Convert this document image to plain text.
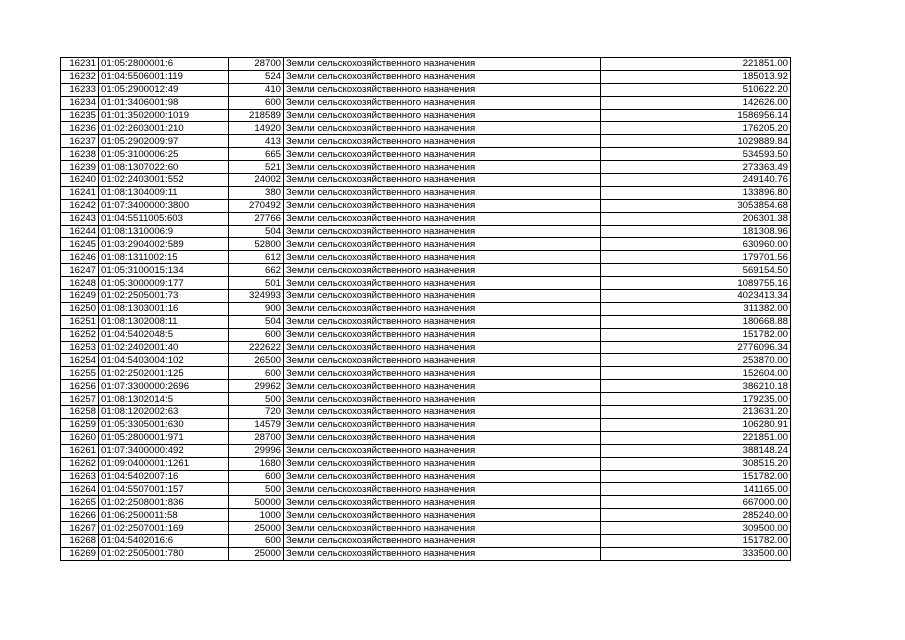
16231	01:05:2800001:6	28700	Земли сельскохозяйственного назначения	221851.00
16232	01:04:5506001:119	524	Земли сельскохозяйственного назначения	185013.92
16233	01:05:2900012:49	410	Земли сельскохозяйственного назначения	510622.20
16234	01:01:3406001:98	600	Земли сельскохозяйственного назначения	142626.00
16235	01:01:3502000:1019	218589	Земли сельскохозяйственного назначения	1586956.14
16236	01:02:2603001:210	14920	Земли сельскохозяйственного назначения	176205.20
16237	01:05:2902009:97	413	Земли сельскохозяйственного назначения	1029889.84
16238	01:05:3100006:25	665	Земли сельскохозяйственного назначения	534593.50
16239	01:08:1307022:60	521	Земли сельскохозяйственного назначения	273363.49
16240	01:02:2403001:552	24002	Земли сельскохозяйственного назначения	249140.76
16241	01:08:1304009:11	380	Земли сельскохозяйственного назначения	133896.80
16242	01:07:3400000:3800	270492	Земли сельскохозяйственного назначения	3053854.68
16243	01:04:5511005:603	27766	Земли сельскохозяйственного назначения	206301.38
16244	01:08:1310006:9	504	Земли сельскохозяйственного назначения	181308.96
16245	01:03:2904002:589	52800	Земли сельскохозяйственного назначения	630960.00
16246	01:08:1311002:15	612	Земли сельскохозяйственного назначения	179701.56
16247	01:05:3100015:134	662	Земли сельскохозяйственного назначения	569154.50
16248	01:05:3000009:177	501	Земли сельскохозяйственного назначения	1089755.16
16249	01:02:2505001:73	324993	Земли сельскохозяйственного назначения	4023413.34
16250	01:08:1303001:16	900	Земли сельскохозяйственного назначения	311382.00
16251	01:08:1302008:11	504	Земли сельскохозяйственного назначения	180668.88
16252	01:04:5402048:5	600	Земли сельскохозяйственного назначения	151782.00
16253	01:02:2402001:40	222622	Земли сельскохозяйственного назначения	2776096.34
16254	01:04:5403004:102	26500	Земли сельскохозяйственного назначения	253870.00
16255	01:02:2502001:125	600	Земли сельскохозяйственного назначения	152604.00
16256	01:07:3300000:2696	29962	Земли сельскохозяйственного назначения	386210.18
16257	01:08:1302014:5	500	Земли сельскохозяйственного назначения	179235.00
16258	01:08:1202002:63	720	Земли сельскохозяйственного назначения	213631.20
16259	01:05:3305001:630	14579	Земли сельскохозяйственного назначения	106280.91
16260	01:05:2800001:971	28700	Земли сельскохозяйственного назначения	221851.00
16261	01:07:3400000:492	29996	Земли сельскохозяйственного назначения	388148.24
16262	01:09:0400001:1261	1680	Земли сельскохозяйственного назначения	308515.20
16263	01:04:5402007:16	600	Земли сельскохозяйственного назначения	151782.00
16264	01:04:5507001:157	500	Земли сельскохозяйственного назначения	141165.00
16265	01:02:2508001:836	50000	Земли сельскохозяйственного назначения	667000.00
16266	01:06:2500011:58	1000	Земли сельскохозяйственного назначения	285240.00
16267	01:02:2507001:169	25000	Земли сельскохозяйственного назначения	309500.00
16268	01:04:5402016:6	600	Земли сельскохозяйственного назначения	151782.00
16269	01:02:2505001:780	25000	Земли сельскохозяйственного назначения	333500.00
